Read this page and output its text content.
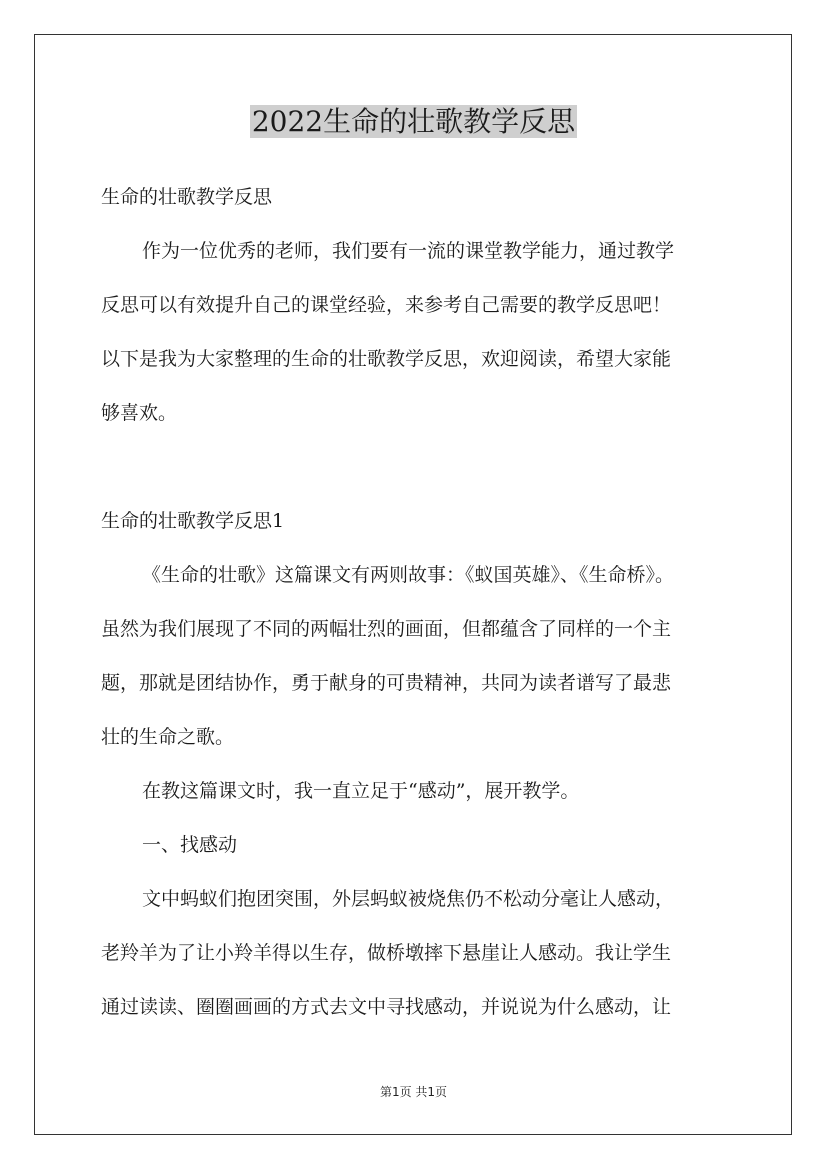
2022生命的壮歌教学反思
生命的壮歌教学反思
作为一位优秀的老师，我们要有一流的课堂教学能力，通过教学
反思可以有效提升自己的课堂经验，来参考自己需要的教学反思吧！
以下是我为大家整理的生命的壮歌教学反思，欢迎阅读，希望大家能
够喜欢。
生命的壮歌教学反思1
《生命的壮歌》这篇课文有两则故事：《蚁国英雄》、《生命桥》。
虽然为我们展现了不同的两幅壮烈的画面，但都蕴含了同样的一个主
题，那就是团结协作，勇于献身的可贵精神，共同为读者谱写了最悲
壮的生命之歌。
在教这篇课文时，我一直立足于“感动”，展开教学。
一、找感动
文中蚂蚁们抱团突围，外层蚂蚁被烧焦仍不松动分毫让人感动，
老羚羊为了让小羚羊得以生存，做桥墩摔下悬崖让人感动。我让学生
通过读读、圈圈画画的方式去文中寻找感动，并说说为什么感动，让
第1页 共1页
